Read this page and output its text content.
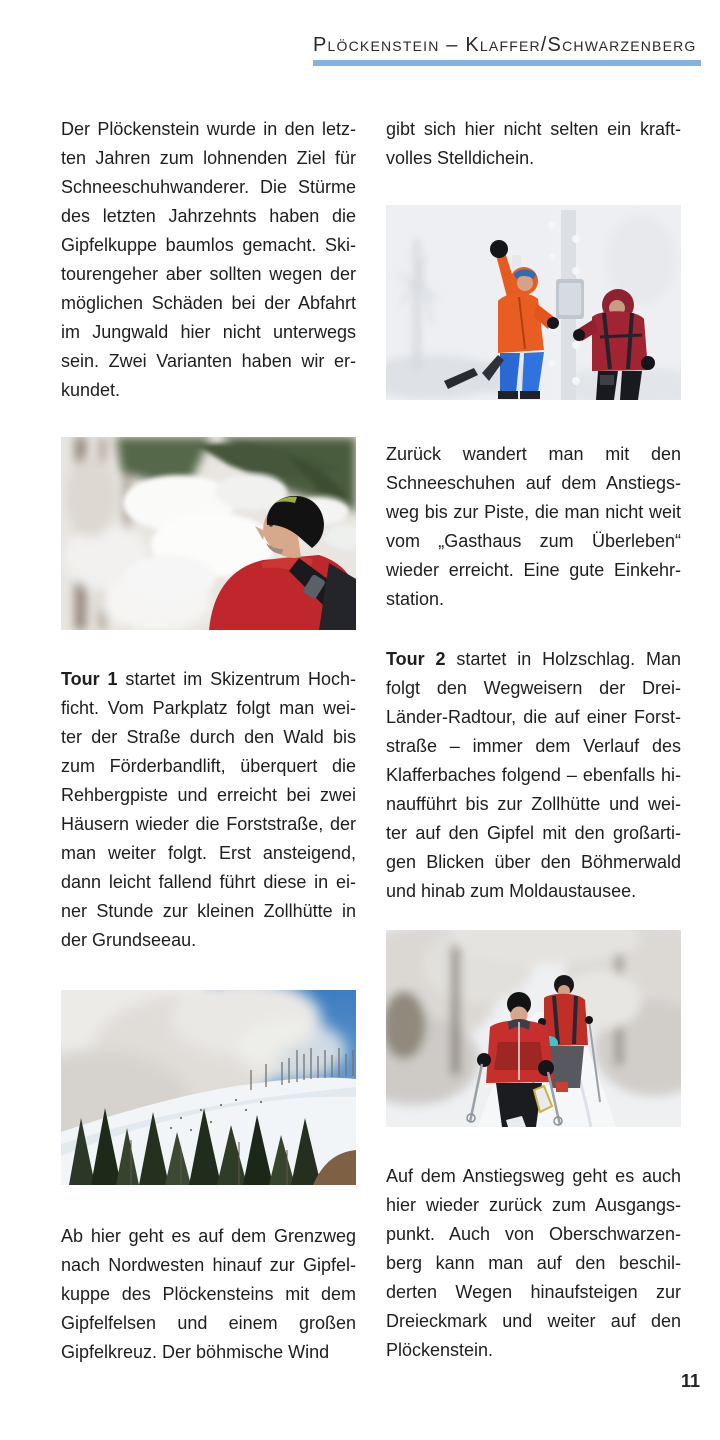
Plöckenstein – Klaffer/Schwarzenberg
Der Plöckenstein wurde in den letz-
ten Jahren zum lohnenden Ziel für
Schneeschuhwanderer. Die Stürme
des letzten Jahrzehnts haben die
Gipfelkuppe baumlos gemacht. Ski-
tourengeher aber sollten wegen der
möglichen Schäden bei der Abfahrt
im Jungwald hier nicht unterwegs
sein. Zwei Varianten haben wir er-
kundet.
Tour 1 startet im Skizentrum Hoch-
ficht. Vom Parkplatz folgt man wei-
ter der Straße durch den Wald bis
zum Förderbandlift, überquert die
Rehbergpiste und erreicht bei zwei
Häusern wieder die Forststraße, der
man weiter folgt. Erst ansteigend,
dann leicht fallend führt diese in ei-
ner Stunde zur kleinen Zollhütte in
der Grundseeau.
Ab hier geht es auf dem Grenzweg
nach Nordwesten hinauf zur Gipfel-
kuppe des Plöckensteins mit dem
Gipfelfelsen und einem großen
Gipfelkreuz. Der böhmische Wind
gibt sich hier nicht selten ein kraft-
volles Stelldichein.
Zurück wandert man mit den
Schneeschuhen auf dem Anstiegs-
weg bis zur Piste, die man nicht weit
vom „Gasthaus zum Überleben“
wieder erreicht. Eine gute Einkehr-
station.
Tour 2 startet in Holzschlag. Man
folgt den Wegweisern der Drei-
Länder-Radtour, die auf einer Forst-
straße – immer dem Verlauf des
Klafferbaches folgend – ebenfalls hi-
naufführt bis zur Zollhütte und wei-
ter auf den Gipfel mit den großarti-
gen Blicken über den Böhmerwald
und hinab zum Moldaustausee.
Auf dem Anstiegsweg geht es auch
hier wieder zurück zum Ausgangs-
punkt. Auch von Oberschwarzen-
berg kann man auf den beschil-
derten Wegen hinaufsteigen zur
Dreieckmark und weiter auf den
Plöckenstein.
11
